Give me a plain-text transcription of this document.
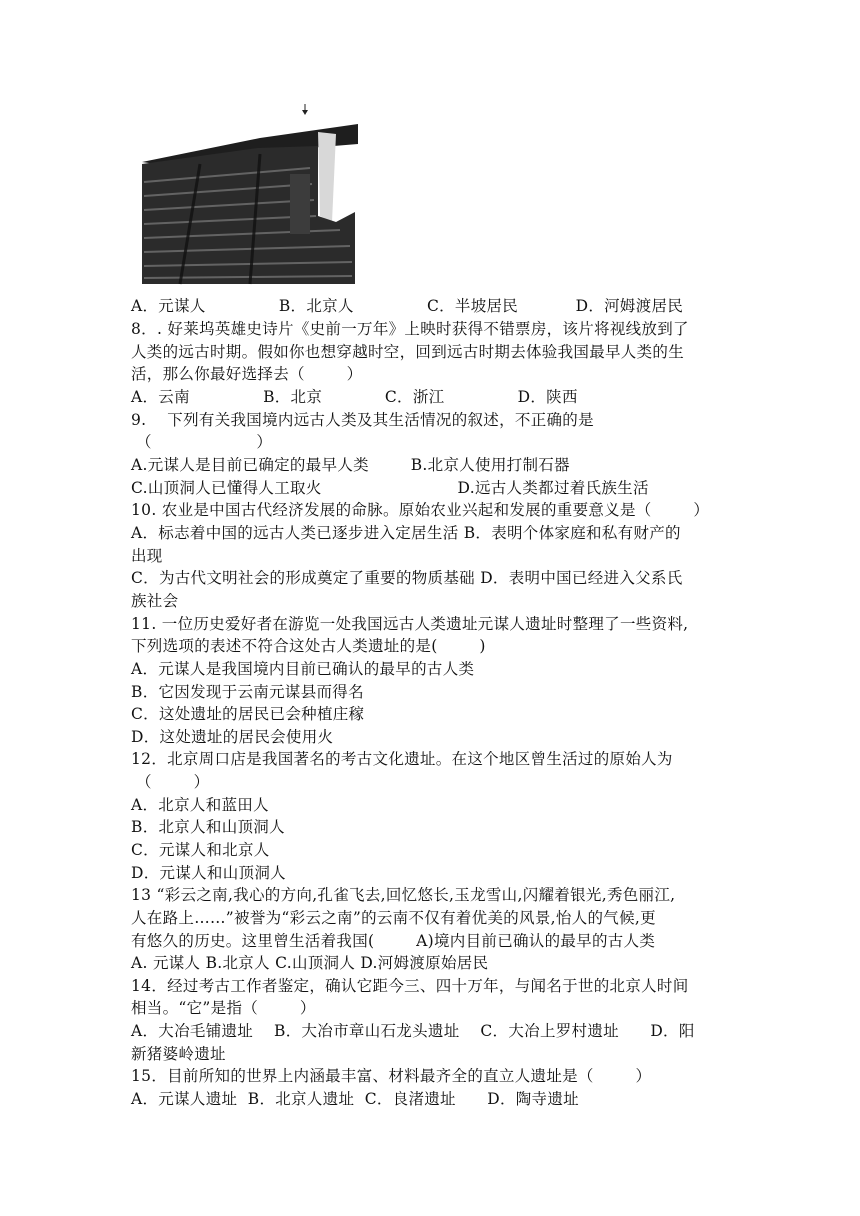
A．元谋人              B．北京人              C．半坡居民           D．河姆渡居民
8．. 好莱坞英雄史诗片《史前一万年》上映时获得不错票房，该片将视线放到了
人类的远古时期。假如你也想穿越时空，回到远古时期去体验我国最早人类的生
活，那么你最好选择去（        ）
A．云南              B．北京            C．浙江              D．陕西
9.    下列有关我国境内远古人类及其生活情况的叙述，不正确的是
（                    ）
A.元谋人是目前已确定的最早人类        B.北京人使用打制石器
C.山顶洞人已懂得人工取火                          D.远古人类都过着氏族生活
10. 农业是中国古代经济发展的命脉。原始农业兴起和发展的重要意义是（        ）
A．标志着中国的远古人类已逐步进入定居生活 B．表明个体家庭和私有财产的
出现
C．为古代文明社会的形成奠定了重要的物质基础 D．表明中国已经进入父系氏
族社会
11. 一位历史爱好者在游览一处我国远古人类遗址元谋人遗址时整理了一些资料,
下列选项的表述不符合这处古人类遗址的是(        )
A．元谋人是我国境内目前已确认的最早的古人类
B．它因发现于云南元谋县而得名
C．这处遗址的居民已会种植庄稼
D．这处遗址的居民会使用火
12．北京周口店是我国著名的考古文化遗址。在这个地区曾生活过的原始人为
（        ）
A．北京人和蓝田人
B．北京人和山顶洞人
C．元谋人和北京人
D．元谋人和山顶洞人
13 “彩云之南,我心的方向,孔雀飞去,回忆悠长,玉龙雪山,闪耀着银光,秀色丽江,
人在路上……”被誉为“彩云之南”的云南不仅有着优美的风景,怡人的气候,更
有悠久的历史。这里曾生活着我国(        A)境内目前已确认的最早的古人类
A. 元谋人 B.北京人 C.山顶洞人 D.河姆渡原始居民
14．经过考古工作者鉴定，确认它距今三、四十万年，与闻名于世的北京人时间
相当。“它”是指（        ）
A．大冶毛铺遗址    B．大冶市章山石龙头遗址    C．大冶上罗村遗址      D．阳
新猪婆岭遗址
15．目前所知的世界上内涵最丰富、材料最齐全的直立人遗址是（        ）
A．元谋人遗址  B．北京人遗址  C．良渚遗址      D．陶寺遗址
